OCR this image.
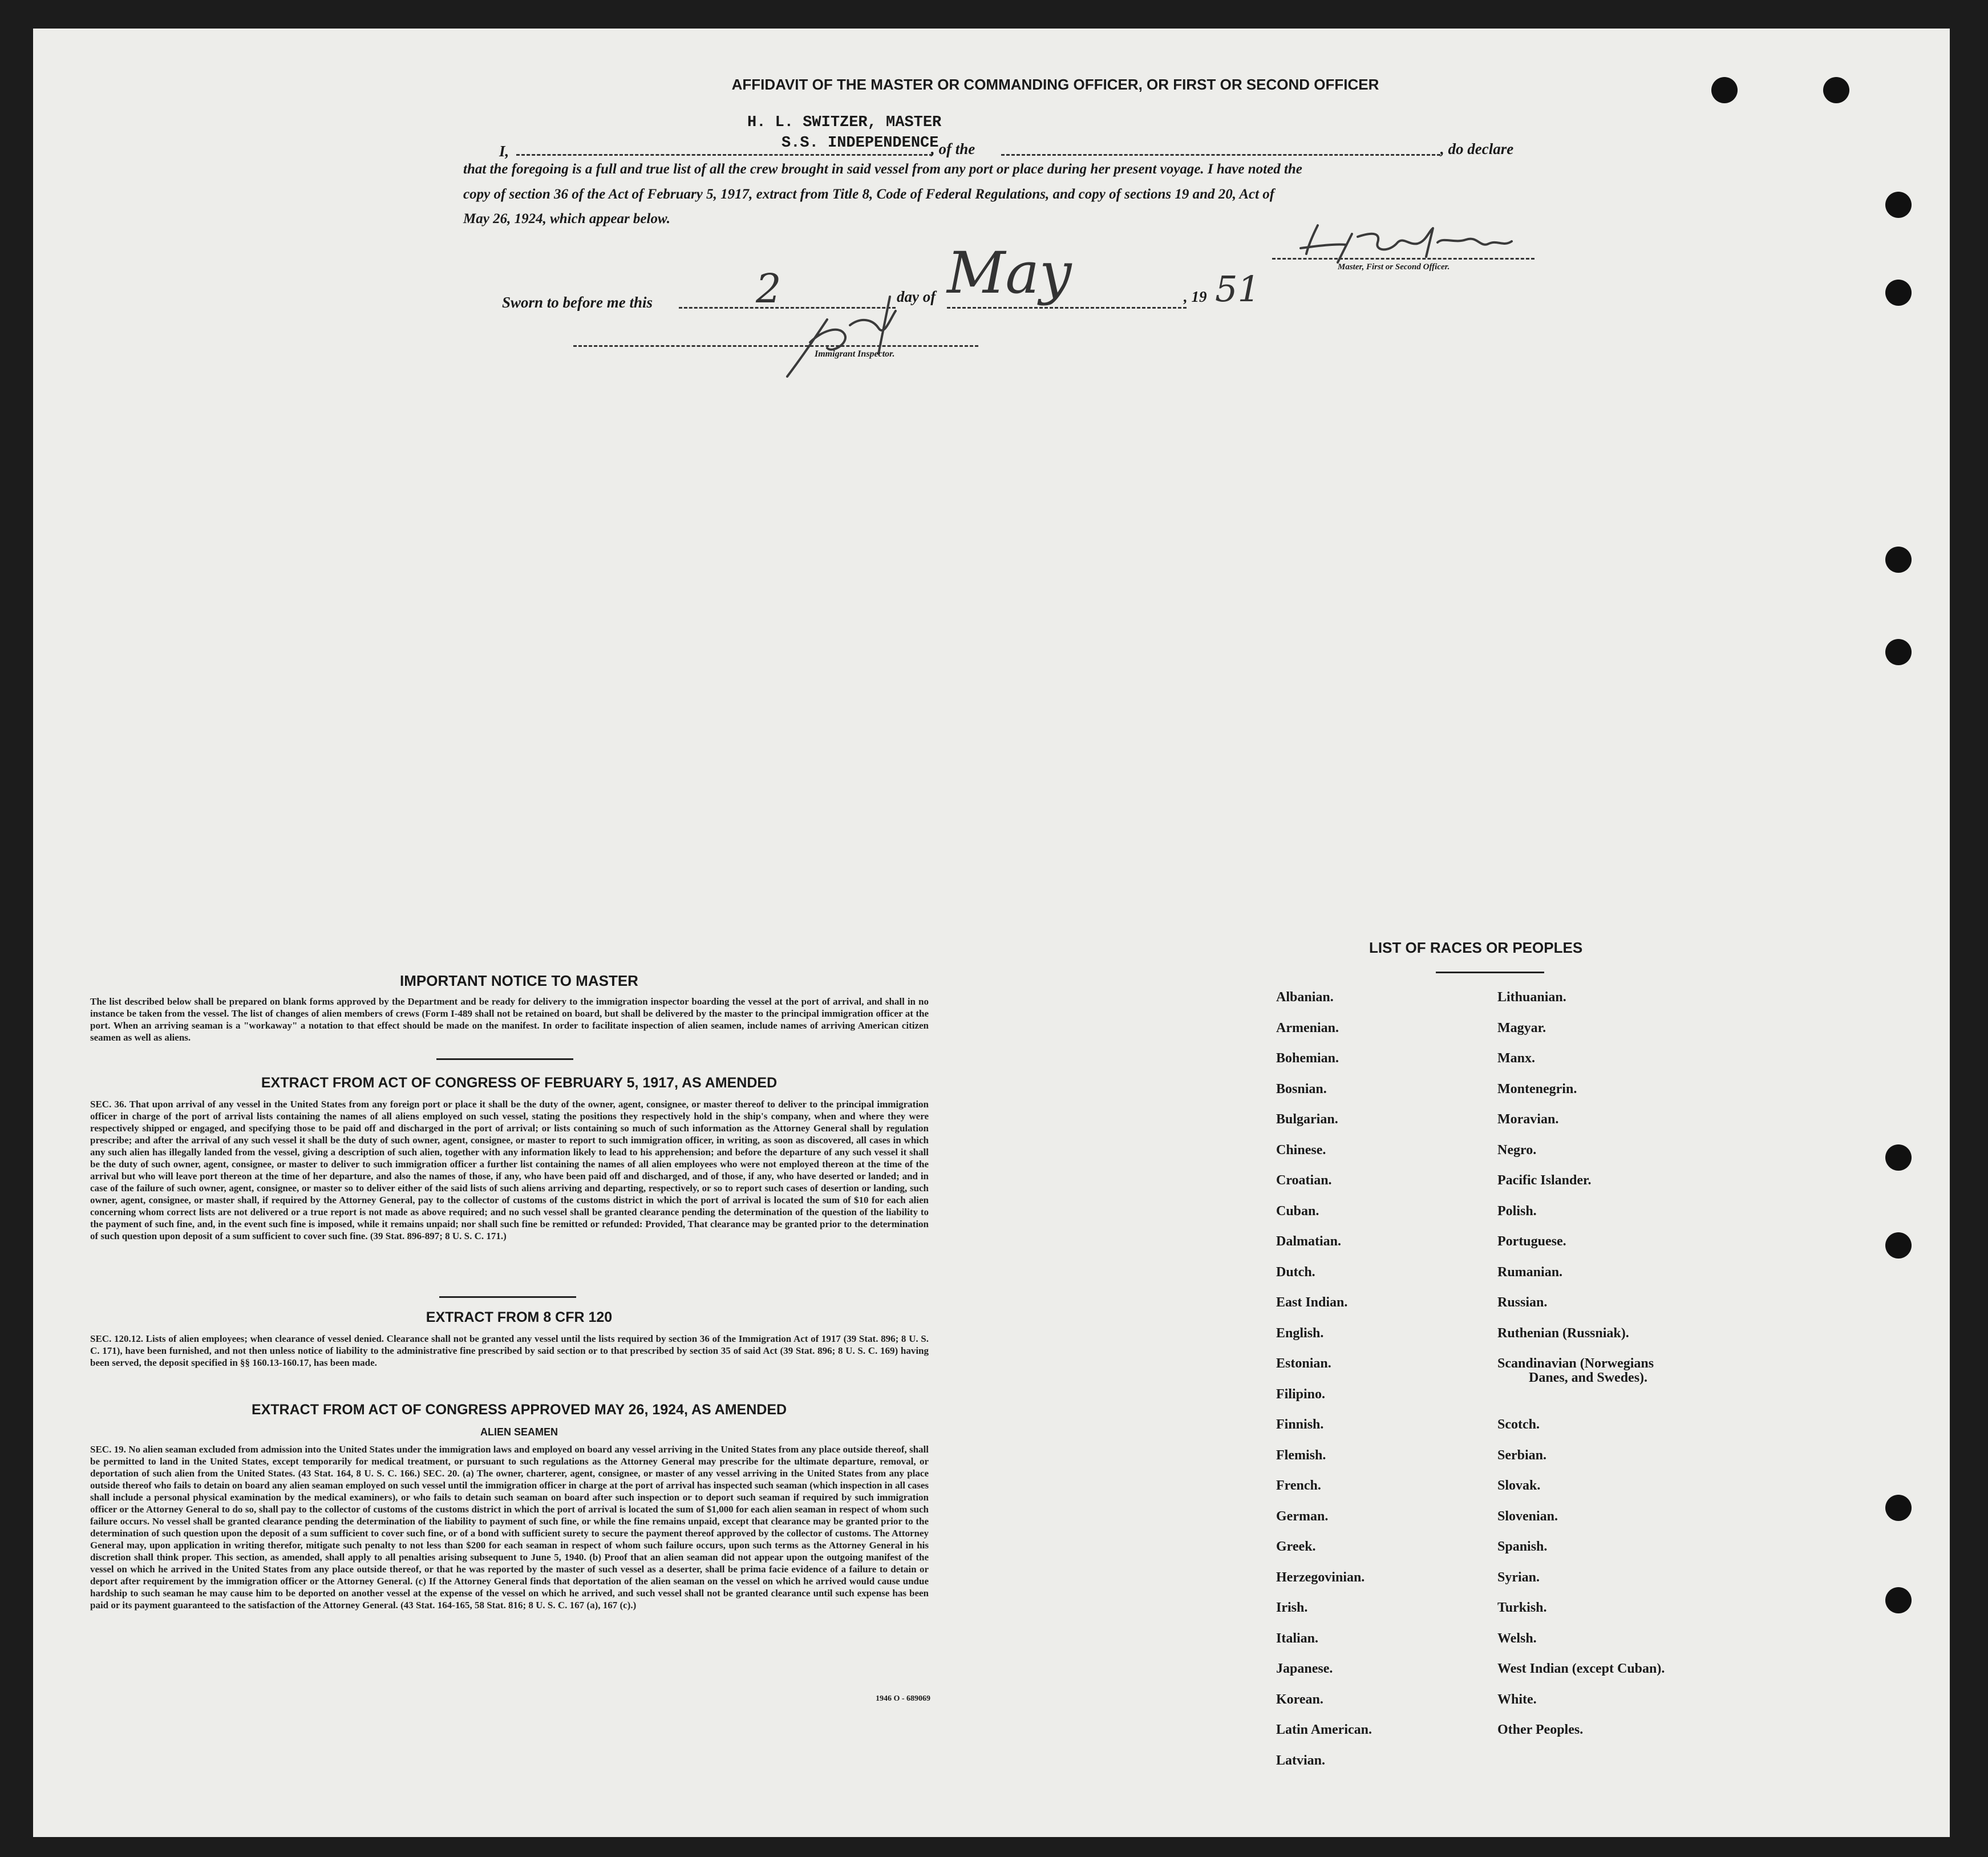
AFFIDAVIT OF THE MASTER OR COMMANDING OFFICER, OR FIRST OR SECOND OFFICER
H. L. SWITZER, MASTER
I,	S.S. INDEPENDENCE
, of the	, do declare
that the foregoing is a full and true list of all the crew brought in said vessel from any port or place during her present voyage. I have noted the
copy of section 36 of the Act of February 5, 1917, extract from Title 8, Code of Federal Regulations, and copy of sections 19 and 20, Act of
May 26, 1924, which appear below.
Master, First or Second Officer.
Sworn to before me this	2	day of May	, 19 51
Immigrant Inspector.
IMPORTANT NOTICE TO MASTER
The list described below shall be prepared on blank forms approved by the Department and be ready for delivery to the immigration inspector boarding the vessel at the port of arrival, and shall in no instance be taken from the vessel. The list of changes of alien members of crews (Form I-489 shall not be retained on board, but shall be delivered by the master to the principal immigration officer at the port. When an arriving seaman is a "workaway" a notation to that effect should be made on the manifest. In order to facilitate inspection of alien seamen, include names of arriving American citizen seamen as well as aliens.
EXTRACT FROM ACT OF CONGRESS OF FEBRUARY 5, 1917, AS AMENDED
SEC. 36. That upon arrival of any vessel in the United States from any foreign port or place it shall be the duty of the owner, agent, consignee, or master thereof to deliver to the principal immigration officer in charge of the port of arrival lists containing the names of all aliens employed on such vessel, stating the positions they respectively hold in the ship's company, when and where they were respectively shipped or engaged, and specifying those to be paid off and discharged in the port of arrival; or lists containing so much of such information as the Attorney General shall by regulation prescribe; and after the arrival of any such vessel it shall be the duty of such owner, agent, consignee, or master to report to such immigration officer, in writing, as soon as discovered, all cases in which any such alien has illegally landed from the vessel, giving a description of such alien, together with any information likely to lead to his apprehension; and before the departure of any such vessel it shall be the duty of such owner, agent, consignee, or master to deliver to such immigration officer a further list containing the names of all alien employees who were not employed thereon at the time of the arrival but who will leave port thereon at the time of her departure, and also the names of those, if any, who have been paid off and discharged, and of those, if any, who have deserted or landed; and in case of the failure of such owner, agent, consignee, or master so to deliver either of the said lists of such aliens arriving and departing, respectively, or so to report such cases of desertion or landing, such owner, agent, consignee, or master shall, if required by the Attorney General, pay to the collector of customs of the customs district in which the port of arrival is located the sum of $10 for each alien concerning whom correct lists are not delivered or a true report is not made as above required; and no such vessel shall be granted clearance pending the determination of the question of the liability to the payment of such fine, and, in the event such fine is imposed, while it remains unpaid; nor shall such fine be remitted or refunded: Provided, That clearance may be granted prior to the determination of such question upon deposit of a sum sufficient to cover such fine. (39 Stat. 896-897; 8 U. S. C. 171.)
EXTRACT FROM 8 CFR 120
SEC. 120.12. Lists of alien employees; when clearance of vessel denied. Clearance shall not be granted any vessel until the lists required by section 36 of the Immigration Act of 1917 (39 Stat. 896; 8 U. S. C. 171), have been furnished, and not then unless notice of liability to the administrative fine prescribed by said section or to that prescribed by section 35 of said Act (39 Stat. 896; 8 U. S. C. 169) having been served, the deposit specified in §§ 160.13-160.17, has been made.
EXTRACT FROM ACT OF CONGRESS APPROVED MAY 26, 1924, AS AMENDED
ALIEN SEAMEN
SEC. 19. No alien seaman excluded from admission into the United States under the immigration laws and employed on board any vessel arriving in the United States from any place outside thereof, shall be permitted to land in the United States, except temporarily for medical treatment, or pursuant to such regulations as the Attorney General may prescribe for the ultimate departure, removal, or deportation of such alien from the United States. (43 Stat. 164, 8 U. S. C. 166.) SEC. 20. (a) The owner, charterer, agent, consignee, or master of any vessel arriving in the United States from any place outside thereof who fails to detain on board any alien seaman employed on such vessel until the immigration officer in charge at the port of arrival has inspected such seaman (which inspection in all cases shall include a personal physical examination by the medical examiners), or who fails to detain such seaman on board after such inspection or to deport such seaman if required by such immigration officer or the Attorney General to do so, shall pay to the collector of customs of the customs district in which the port of arrival is located the sum of $1,000 for each alien seaman in respect of whom such failure occurs. No vessel shall be granted clearance pending the determination of the liability to payment of such fine, or while the fine remains unpaid, except that clearance may be granted prior to the determination of such question upon the deposit of a sum sufficient to cover such fine, or of a bond with sufficient surety to secure the payment thereof approved by the collector of customs. The Attorney General may, upon application in writing therefor, mitigate such penalty to not less than $200 for each seaman in respect of whom such failure occurs, upon such terms as the Attorney General in his discretion shall think proper. This section, as amended, shall apply to all penalties arising subsequent to June 5, 1940. (b) Proof that an alien seaman did not appear upon the outgoing manifest of the vessel on which he arrived in the United States from any place outside thereof, or that he was reported by the master of such vessel as a deserter, shall be prima facie evidence of a failure to detain or deport after requirement by the immigration officer or the Attorney General. (c) If the Attorney General finds that deportation of the alien seaman on the vessel on which he arrived would cause undue hardship to such seaman he may cause him to be deported on another vessel at the expense of the vessel on which he arrived, and such vessel shall not be granted clearance until such expense has been paid or its payment guaranteed to the satisfaction of the Attorney General. (43 Stat. 164-165, 58 Stat. 816; 8 U. S. C. 167 (a), 167 (c).)
1946 O - 689069
LIST OF RACES OR PEOPLES
Albanian.
Armenian.
Bohemian.
Bosnian.
Bulgarian.
Chinese.
Croatian.
Cuban.
Dalmatian.
Dutch.
East Indian.
English.
Estonian.
Filipino.
Finnish.
Flemish.
French.
German.
Greek.
Herzegovinian.
Irish.
Italian.
Japanese.
Korean.
Latin American.
Latvian.
Lithuanian.
Magyar.
Manx.
Montenegrin.
Moravian.
Negro.
Pacific Islander.
Polish.
Portuguese.
Rumanian.
Russian.
Ruthenian (Russniak).
Scandinavian (Norwegians
Danes, and Swedes).
Scotch.
Serbian.
Slovak.
Slovenian.
Spanish.
Syrian.
Turkish.
Welsh.
West Indian (except Cuban).
White.
Other Peoples.
